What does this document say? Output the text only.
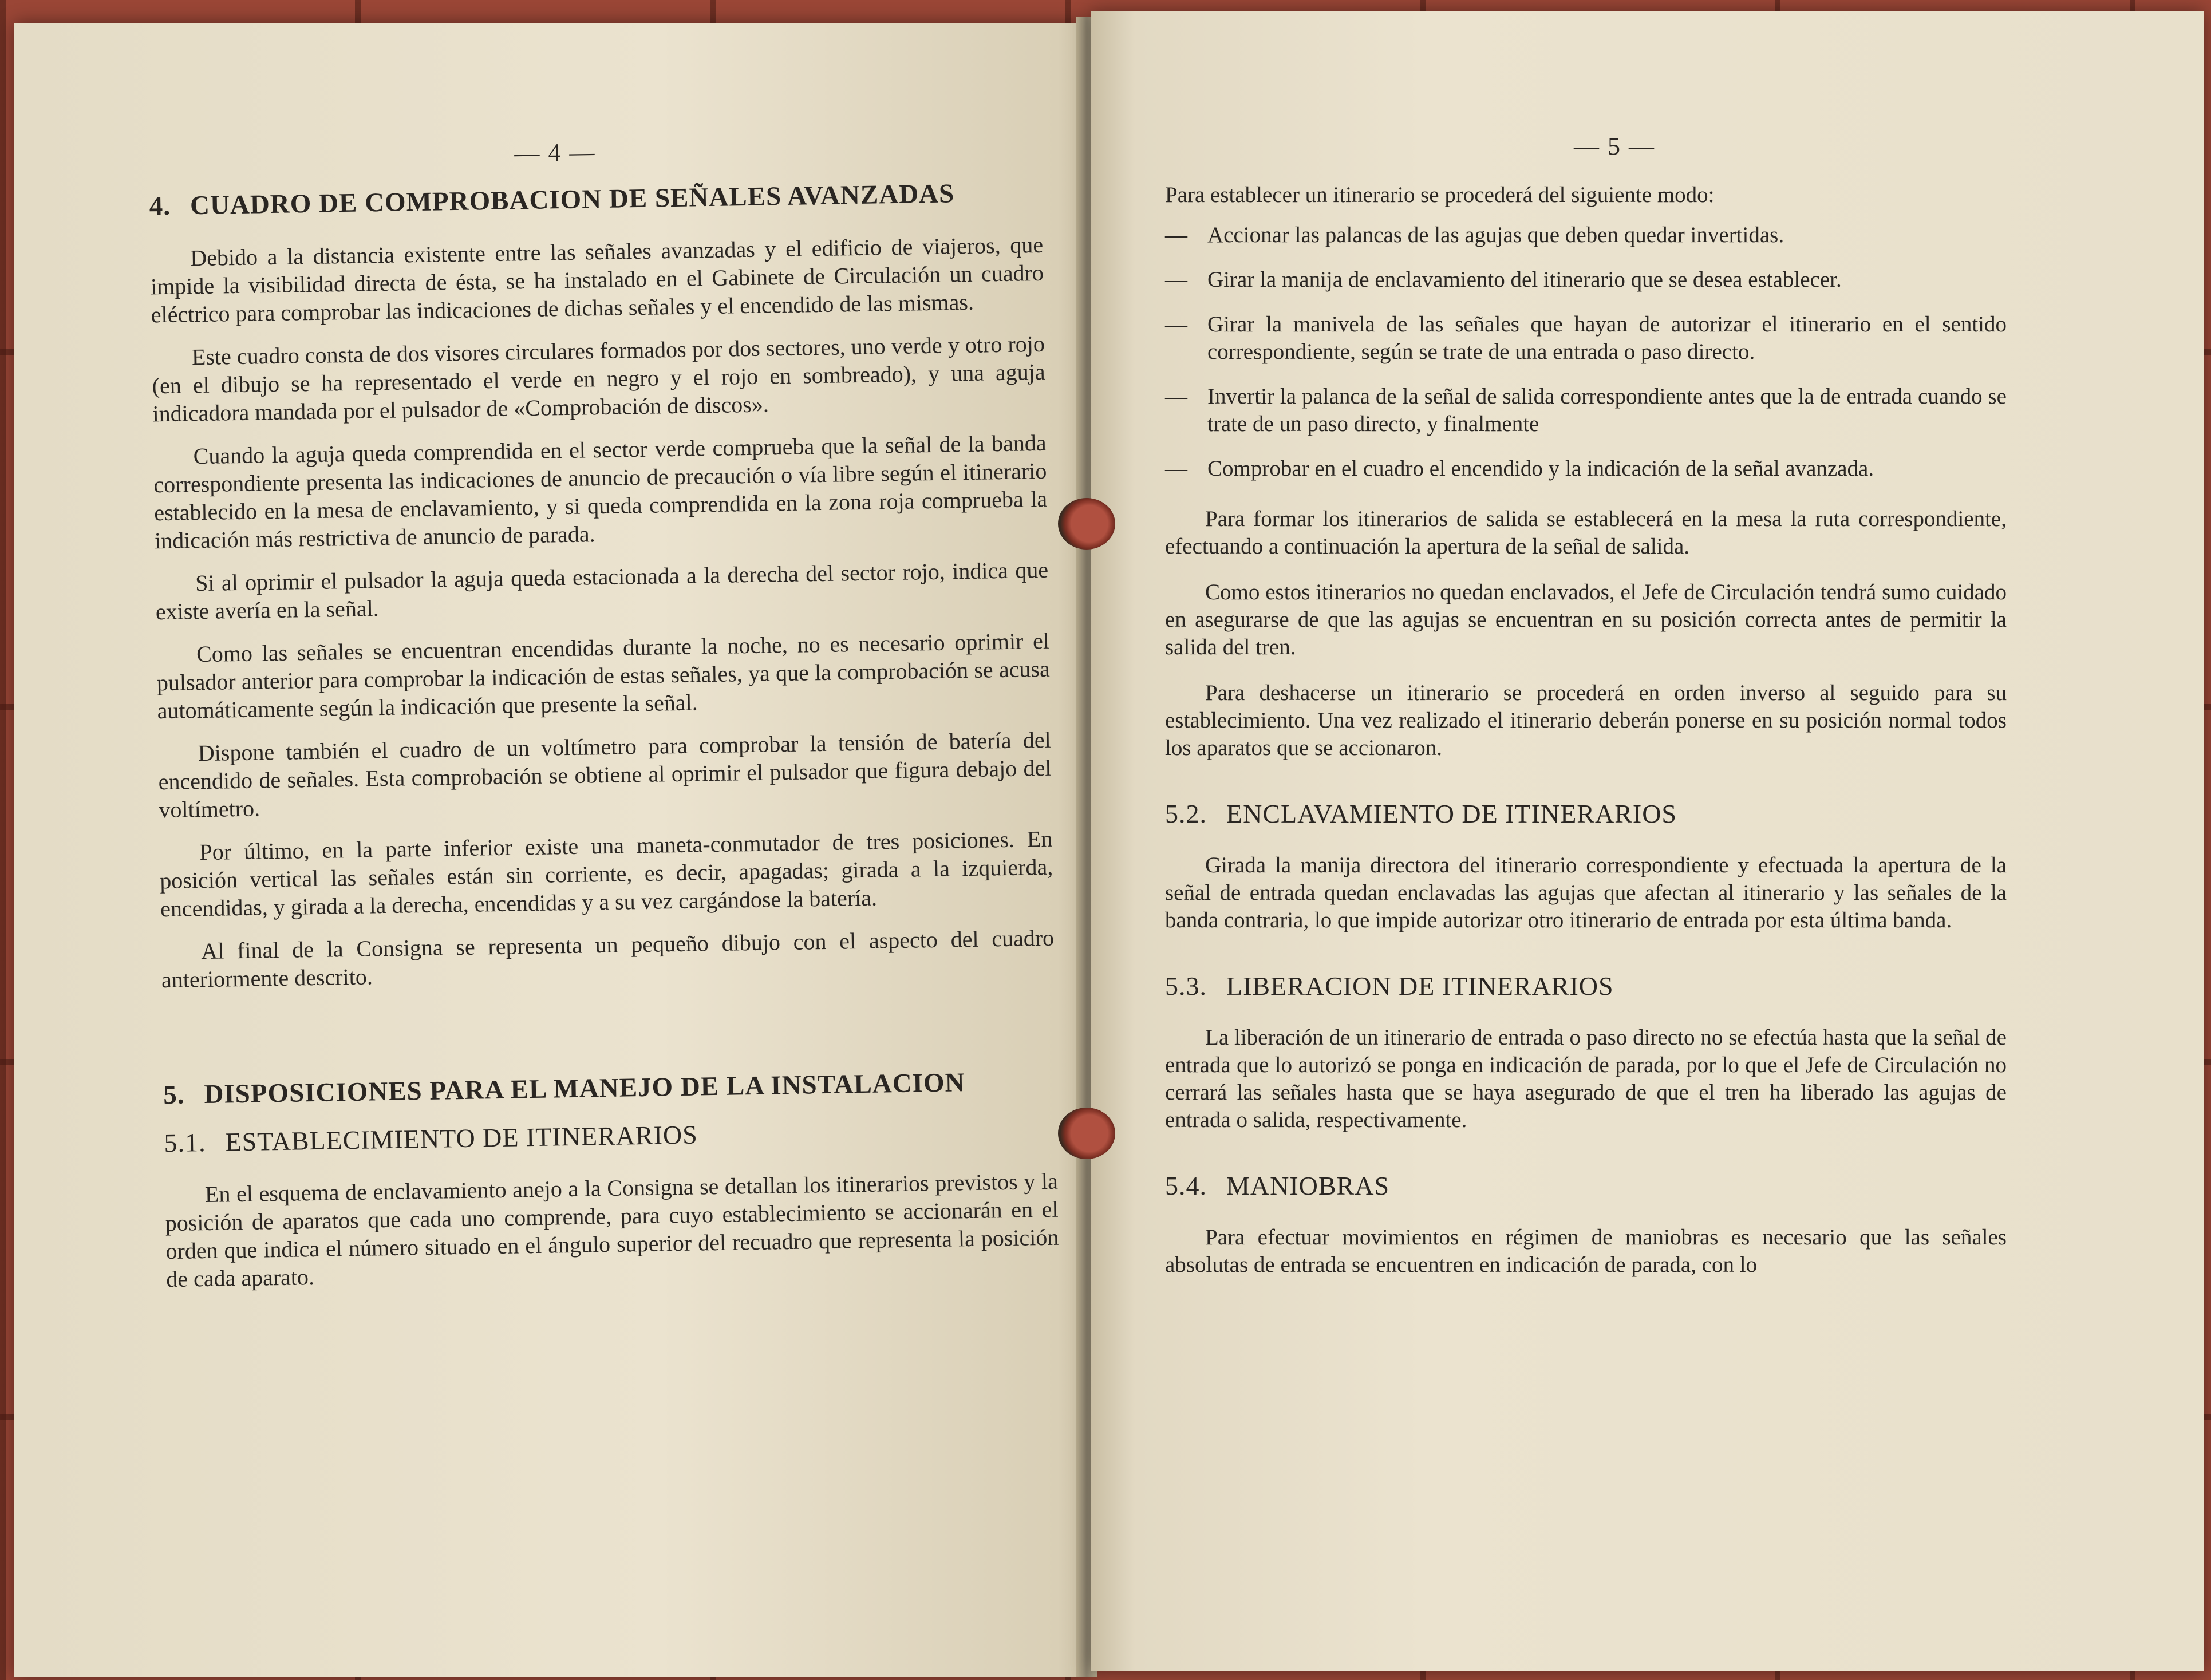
— 4 —
4. CUADRO DE COMPROBACION DE SEÑALES AVANZADAS

Debido a la distancia existente entre las señales avanzadas y el edificio de viajeros, que impide la visibilidad directa de ésta, se ha instalado en el Gabinete de Circulación un cuadro eléctrico para comprobar las indicaciones de dichas señales y el encendido de las mismas.

Este cuadro consta de dos visores circulares formados por dos sectores, uno verde y otro rojo (en el dibujo se ha representado el verde en negro y el rojo en sombreado), y una aguja indicadora mandada por el pulsador de «Comprobación de discos».

Cuando la aguja queda comprendida en el sector verde comprueba que la señal de la banda correspondiente presenta las indicaciones de anuncio de precaución o vía libre según el itinerario establecido en la mesa de enclavamiento, y si queda comprendida en la zona roja comprueba la indicación más restrictiva de anuncio de parada.

Si al oprimir el pulsador la aguja queda estacionada a la derecha del sector rojo, indica que existe avería en la señal.

Como las señales se encuentran encendidas durante la noche, no es necesario oprimir el pulsador anterior para comprobar la indicación de estas señales, ya que la comprobación se acusa automáticamente según la indicación que presente la señal.

Dispone también el cuadro de un voltímetro para comprobar la tensión de batería del encendido de señales. Esta comprobación se obtiene al oprimir el pulsador que figura debajo del voltímetro.

Por último, en la parte inferior existe una maneta-conmutador de tres posiciones. En posición vertical las señales están sin corriente, es decir, apagadas; girada a la izquierda, encendidas, y girada a la derecha, encendidas y a su vez cargándose la batería.

Al final de la Consigna se representa un pequeño dibujo con el aspecto del cuadro anteriormente descrito.

5. DISPOSICIONES PARA EL MANEJO DE LA INSTALACION
5.1. ESTABLECIMIENTO DE ITINERARIOS

En el esquema de enclavamiento anejo a la Consigna se detallan los itinerarios previstos y la posición de aparatos que cada uno comprende, para cuyo establecimiento se accionarán en el orden que indica el número situado en el ángulo superior del recuadro que representa la posición de cada aparato.

— 5 —

Para establecer un itinerario se procederá del siguiente modo:

— Accionar las palancas de las agujas que deben quedar invertidas.
— Girar la manija de enclavamiento del itinerario que se desea establecer.
— Girar la manivela de las señales que hayan de autorizar el itinerario en el sentido correspondiente, según se trate de una entrada o paso directo.
— Invertir la palanca de la señal de salida correspondiente antes que la de entrada cuando se trate de un paso directo, y finalmente
— Comprobar en el cuadro el encendido y la indicación de la señal avanzada.

Para formar los itinerarios de salida se establecerá en la mesa la ruta correspondiente, efectuando a continuación la apertura de la señal de salida.

Como estos itinerarios no quedan enclavados, el Jefe de Circulación tendrá sumo cuidado en asegurarse de que las agujas se encuentran en su posición correcta antes de permitir la salida del tren.

Para deshacerse un itinerario se procederá en orden inverso al seguido para su establecimiento. Una vez realizado el itinerario deberán ponerse en su posición normal todos los aparatos que se accionaron.

5.2. ENCLAVAMIENTO DE ITINERARIOS

Girada la manija directora del itinerario correspondiente y efectuada la apertura de la señal de entrada quedan enclavadas las agujas que afectan al itinerario y las señales de la banda contraria, lo que impide autorizar otro itinerario de entrada por esta última banda.

5.3. LIBERACION DE ITINERARIOS

La liberación de un itinerario de entrada o paso directo no se efectúa hasta que la señal de entrada que lo autorizó se ponga en indicación de parada, por lo que el Jefe de Circulación no cerrará las señales hasta que se haya asegurado de que el tren ha liberado las agujas de entrada o salida, respectivamente.

5.4. MANIOBRAS

Para efectuar movimientos en régimen de maniobras es necesario que las señales absolutas de entrada se encuentren en indicación de parada, con lo
